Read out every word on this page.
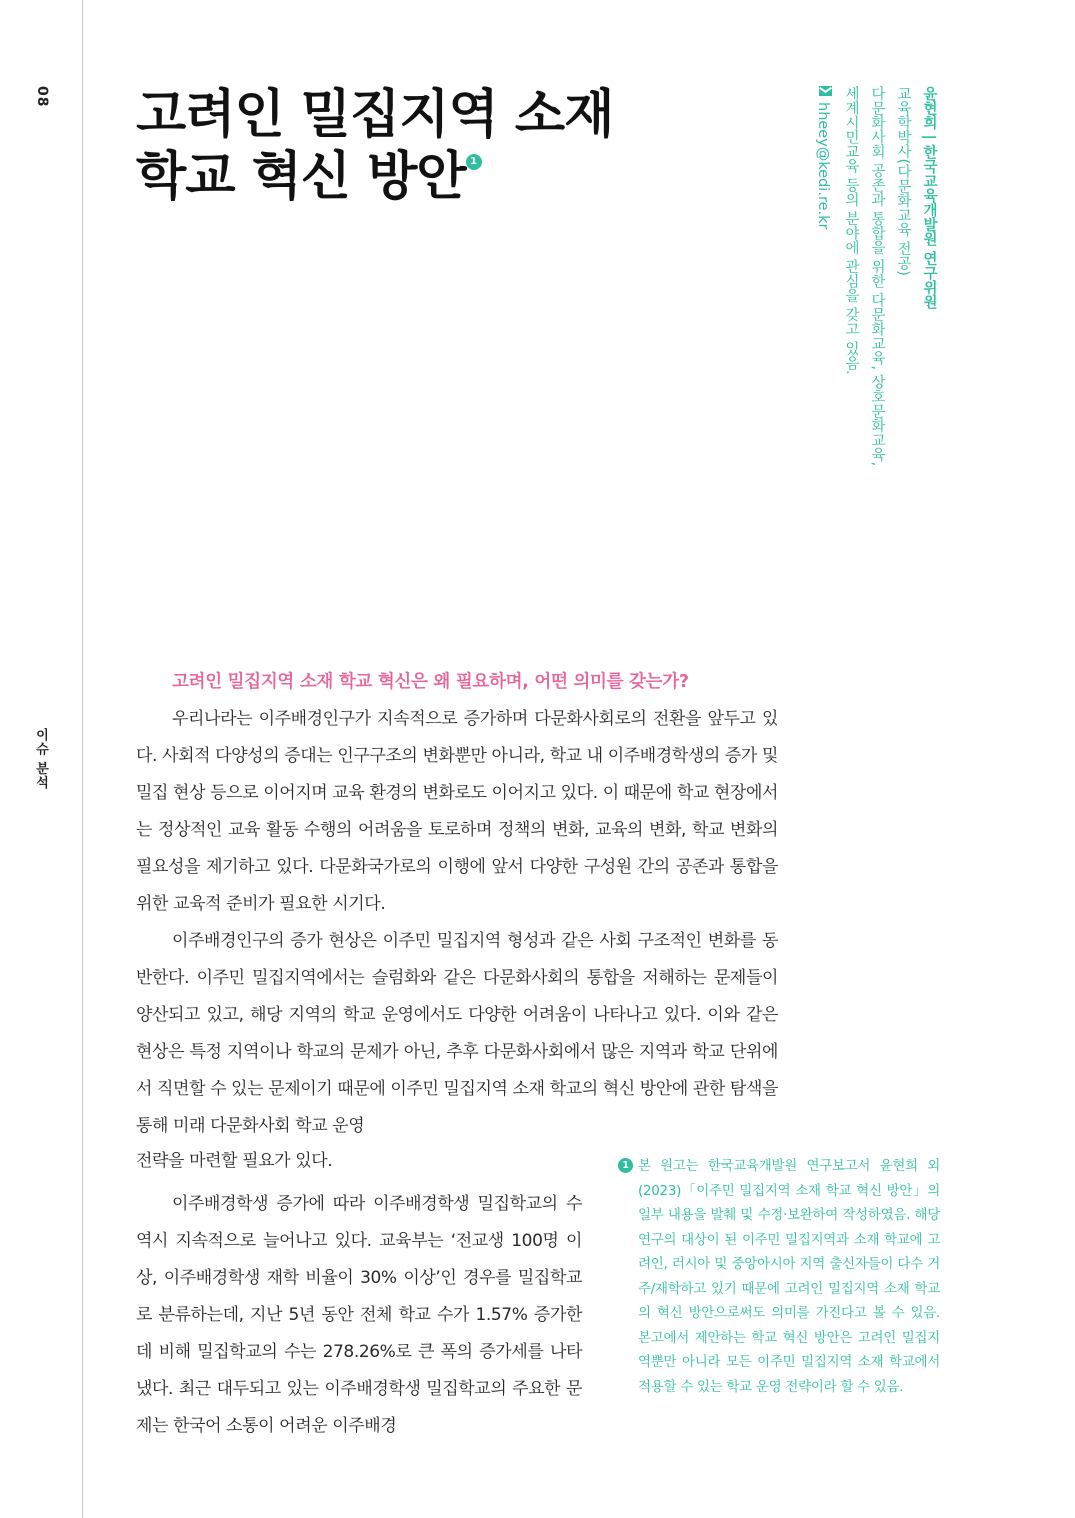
08
이슈 분석
고려인 밀집지역 소재
학교 혁신 방안 1	윤현희 | 한국교육개발원 연구위원
교육학박사(다문화교육 전공)
다문화사회 공존과 통합을 위한 다문화교육, 상호문화교육,
세계시민교육 등의 분야에 관심을 갖고 있음.
hheey@kedi.re.kr
고려인 밀집지역 소재 학교 혁신은 왜 필요하며, 어떤 의미를 갖는가?

우리나라는 이주배경인구가 지속적으로 증가하며 다문화사회로의 전환을 앞두고 있다. 사회적 다양성의 증대는 인구구조의 변화뿐만 아니라, 학교 내 이주배경학생의 증가 및 밀집 현상 등으로 이어지며 교육 환경의 변화로도 이어지고 있다. 이 때문에 학교 현장에서는 정상적인 교육 활동 수행의 어려움을 토로하며 정책의 변화, 교육의 변화, 학교 변화의 필요성을 제기하고 있다. 다문화국가로의 이행에 앞서 다양한 구성원 간의 공존과 통합을 위한 교육적 준비가 필요한 시기다.

이주배경인구의 증가 현상은 이주민 밀집지역 형성과 같은 사회 구조적인 변화를 동반한다. 이주민 밀집지역에서는 슬럼화와 같은 다문화사회의 통합을 저해하는 문제들이 양산되고 있고, 해당 지역의 학교 운영에서도 다양한 어려움이 나타나고 있다. 이와 같은 현상은 특정 지역이나 학교의 문제가 아닌, 추후 다문화사회에서 많은 지역과 학교 단위에서 직면할 수 있는 문제이기 때문에 이주민 밀집지역 소재 학교의 혁신 방안에 관한 탐색을 통해 미래 다문화사회 학교 운영

전략을 마련할 필요가 있다.

이주배경학생 증가에 따라 이주배경학생 밀집학교의 수 역시 지속적으로 늘어나고 있다. 교육부는 ‘전교생 100명 이상, 이주배경학생 재학 비율이 30% 이상’인 경우를 밀집학교로 분류하는데, 지난 5년 동안 전체 학교 수가 1.57% 증가한데 비해 밀집학교의 수는 278.26%로 큰 폭의 증가세를 나타냈다. 최근 대두되고 있는 이주배경학생 밀집학교의 주요한 문제는 한국어 소통이 어려운 이주배경

1 본 원고는 한국교육개발원 연구보고서 윤현희 외(2023)「이주민 밀집지역 소재 학교 혁신 방안」의 일부 내용을 발췌 및 수정·보완하여 작성하였음. 해당 연구의 대상이 된 이주민 밀집지역과 소재 학교에 고려인, 러시아 및 중앙아시아 지역 출신자들이 다수 거주/재학하고 있기 때문에 고려인 밀집지역 소재 학교의 혁신 방안으로써도 의미를 가진다고 볼 수 있음. 본고에서 제안하는 학교 혁신 방안은 고려인 밀집지역뿐만 아니라 모든 이주민 밀집지역 소재 학교에서 적용할 수 있는 학교 운영 전략이라 할 수 있음.
